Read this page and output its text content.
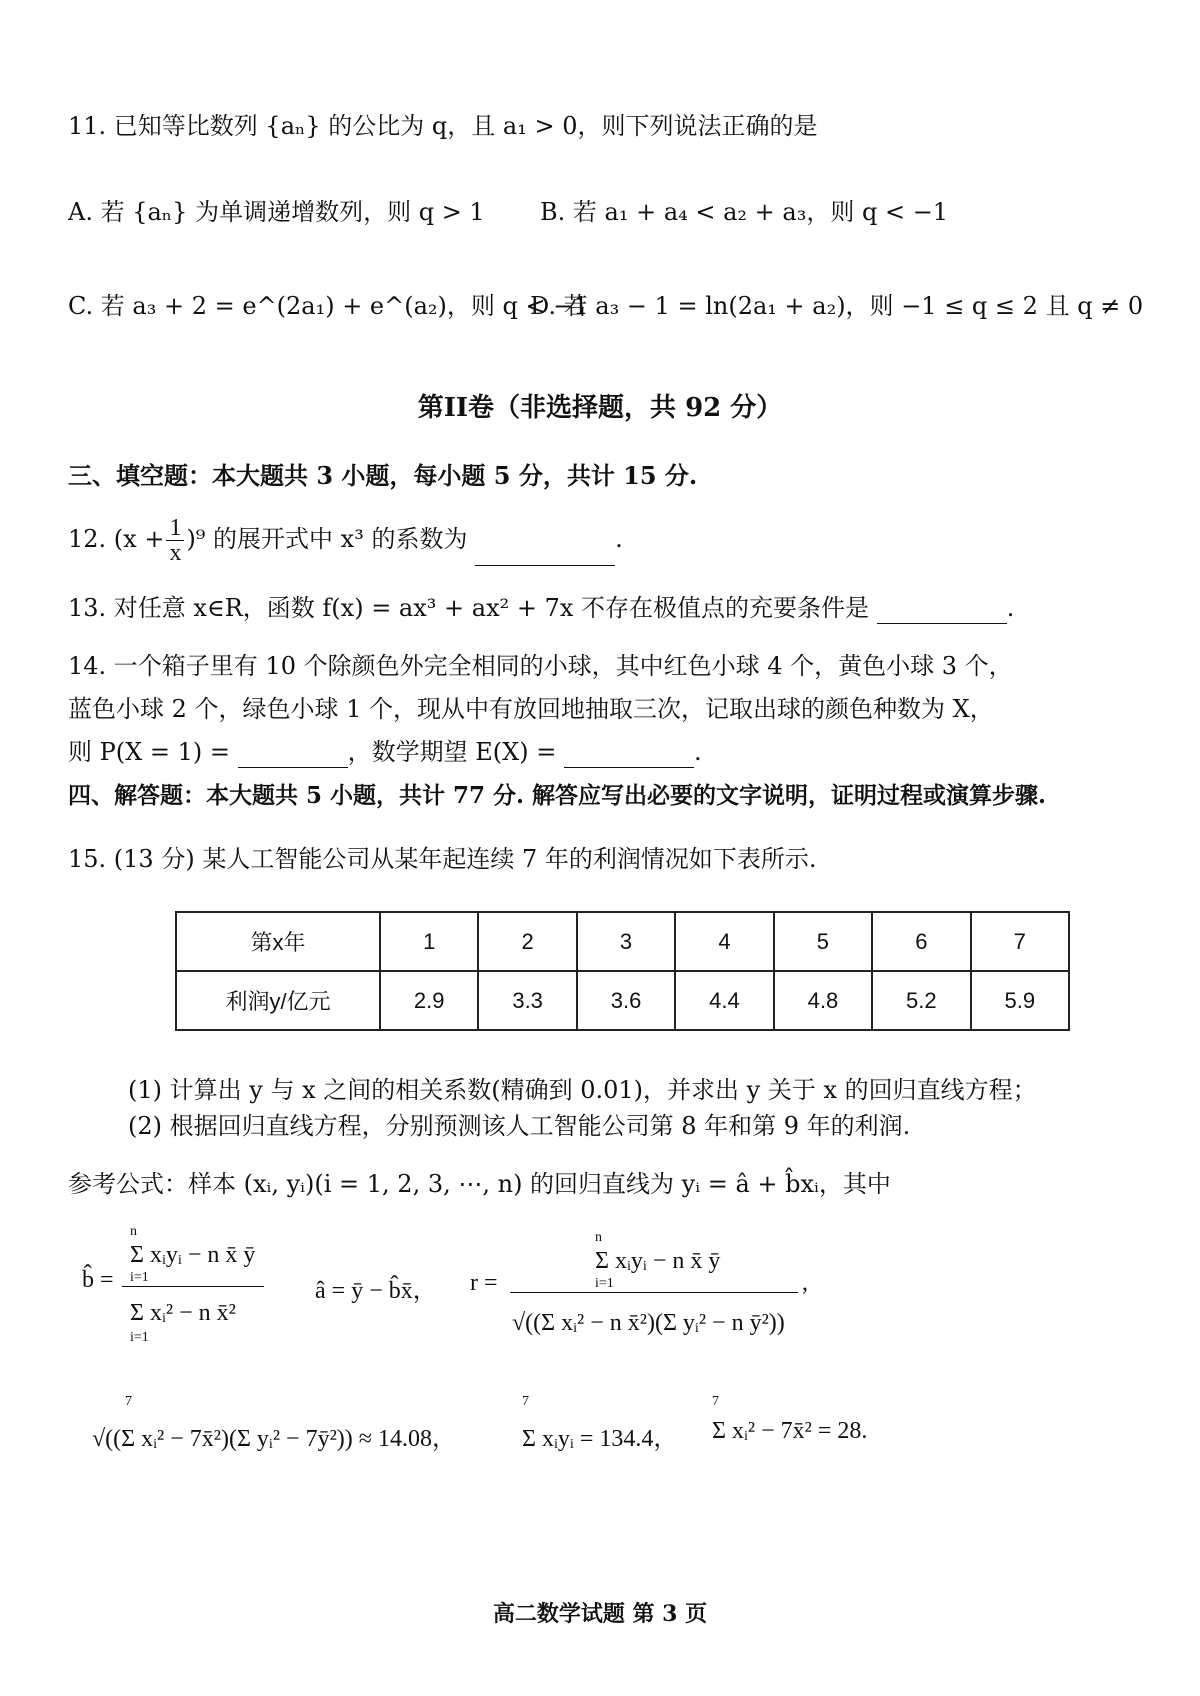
11. 已知等比数列 {aₙ} 的公比为 q，且 a₁ > 0，则下列说法正确的是
A. 若 {aₙ} 为单调递增数列，则 q > 1 B. 若 a₁ + a₄ < a₂ + a₃，则 q < −1
C. 若 a₃ + 2 = e^(2a₁) + e^(a₂)，则 q < −1
D. 若 a₃ − 1 = ln(2a₁ + a₂)，则 −1 ≤ q ≤ 2 且 q ≠ 0
第II卷（非选择题，共 92 分）
三、填空题：本大题共 3 小题，每小题 5 分，共计 15 分.
12. $(x + \frac{1}{x} )^9$ 的展开式中 x³ 的系数为	.
13. 对任意 x∈R，函数 f(x) = ax³ + ax² + 7x 不存在极值点的充要条件是	.
14. 一个箱子里有 10 个除颜色外完全相同的小球，其中红色小球 4 个，黄色小球 3 个，
蓝色小球 2 个，绿色小球 1 个，现从中有放回地抽取三次，记取出球的颜色种数为 X，
则 P(X = 1) =	，数学期望 E(X) =	.
四、解答题：本大题共 5 小题，共计 77 分. 解答应写出必要的文字说明，证明过程或演算步骤.
15. (13 分) 某人工智能公司从某年起连续 7 年的利润情况如下表所示.
第x年	1	2	3	4	5	6	7
利润y/亿元	2.9	3.3	3.6	4.4	4.8	5.2	5.9
(1) 计算出 y 与 x 之间的相关系数(精确到 0.01)，并求出 y 关于 x 的回归直线方程；
(2) 根据回归直线方程，分别预测该人工智能公司第 8 年和第 9 年的利润.
参考公式：样本 (xᵢ, yᵢ)(i = 1, 2, 3, ⋯, n) 的回归直线为 yᵢ = â + b̂xᵢ，其中
b̂ =
n
Σ xᵢyᵢ − n x̄ ȳ
i=1
Σ xᵢ² − n x̄²
i=1
â = ȳ − b̂x̄， r =
n
Σ xᵢyᵢ − n x̄ ȳ
i=1
√((Σ xᵢ² − n x̄²)(Σ yᵢ² − n ȳ²))
,
7
√((Σ xᵢ² − 7x̄²)(Σ yᵢ² − 7ȳ²)) ≈ 14.08，
7
Σ xᵢyᵢ = 134.4，
7
Σ xᵢ² − 7x̄² = 28.
高二数学试题 第 3 页
